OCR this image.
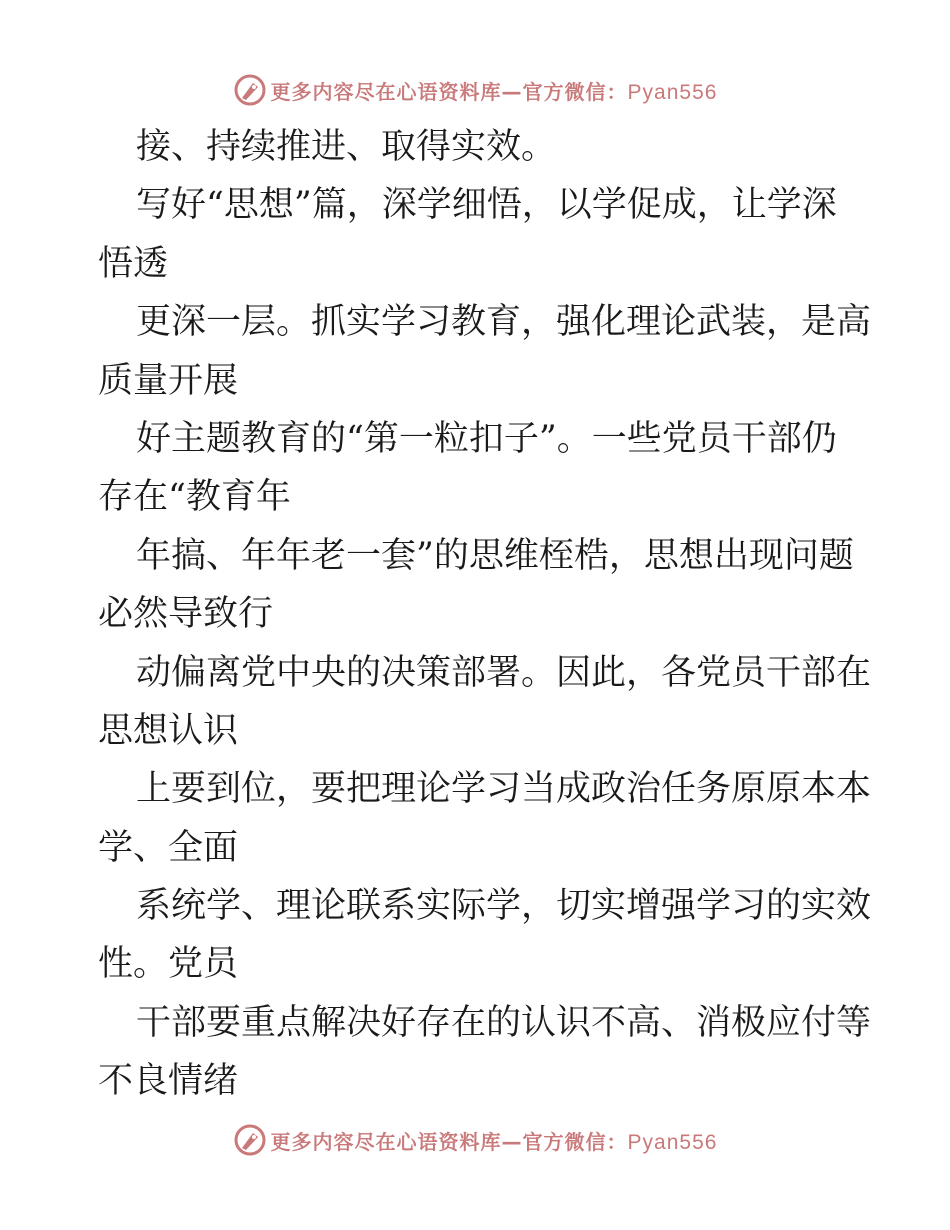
更多内容尽在心语资料库—官方微信：Pyan556
接、持续推进、取得实效。
写好“思想”篇，深学细悟，以学促成，让学深
悟透
更深一层。抓实学习教育，强化理论武装，是高
质量开展
好主题教育的“第一粒扣子”。一些党员干部仍
存在“教育年
年搞、年年老一套”的思维桎梏，思想出现问题
必然导致行
动偏离党中央的决策部署。因此，各党员干部在
思想认识
上要到位，要把理论学习当成政治任务原原本本
学、全面
系统学、理论联系实际学，切实增强学习的实效
性。党员
干部要重点解决好存在的认识不高、消极应付等
不良情绪
更多内容尽在心语资料库—官方微信：Pyan556
